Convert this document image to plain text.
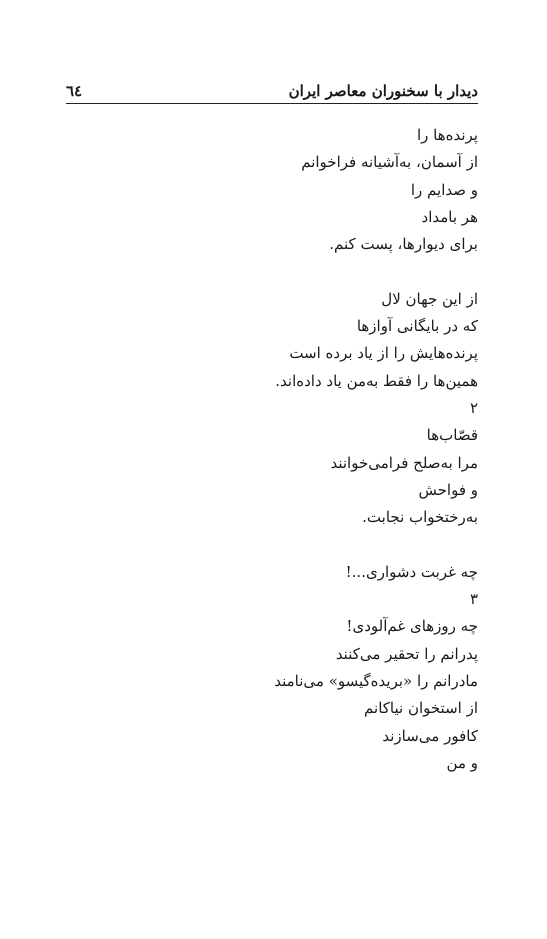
دیدار با سخنوران معاصر ایران
٦٤
پرنده‌ها را
از آسمان، به‌آشیانه فراخوانم
و صدایم را
هر بامداد
برای دیوارها، پست کنم.
از این جهان لال
که در بایگانی آوازها
پرنده‌هایش را از یاد برده است
همین‌ها را فقط به‌من یاد داده‌اند.
۲
قصّاب‌ها
مرا به‌صلح فرامی‌خوانند
و فواحش
به‌رختخواب نجابت.
چه غربت دشواری...!
۳
چه روزهای غم‌آلودی!
پدرانم را تحقیر می‌کنند
مادرانم را «بریده‌گیسو» می‌نامند
از استخوان نیاکانم
کافور می‌سازند
و من
